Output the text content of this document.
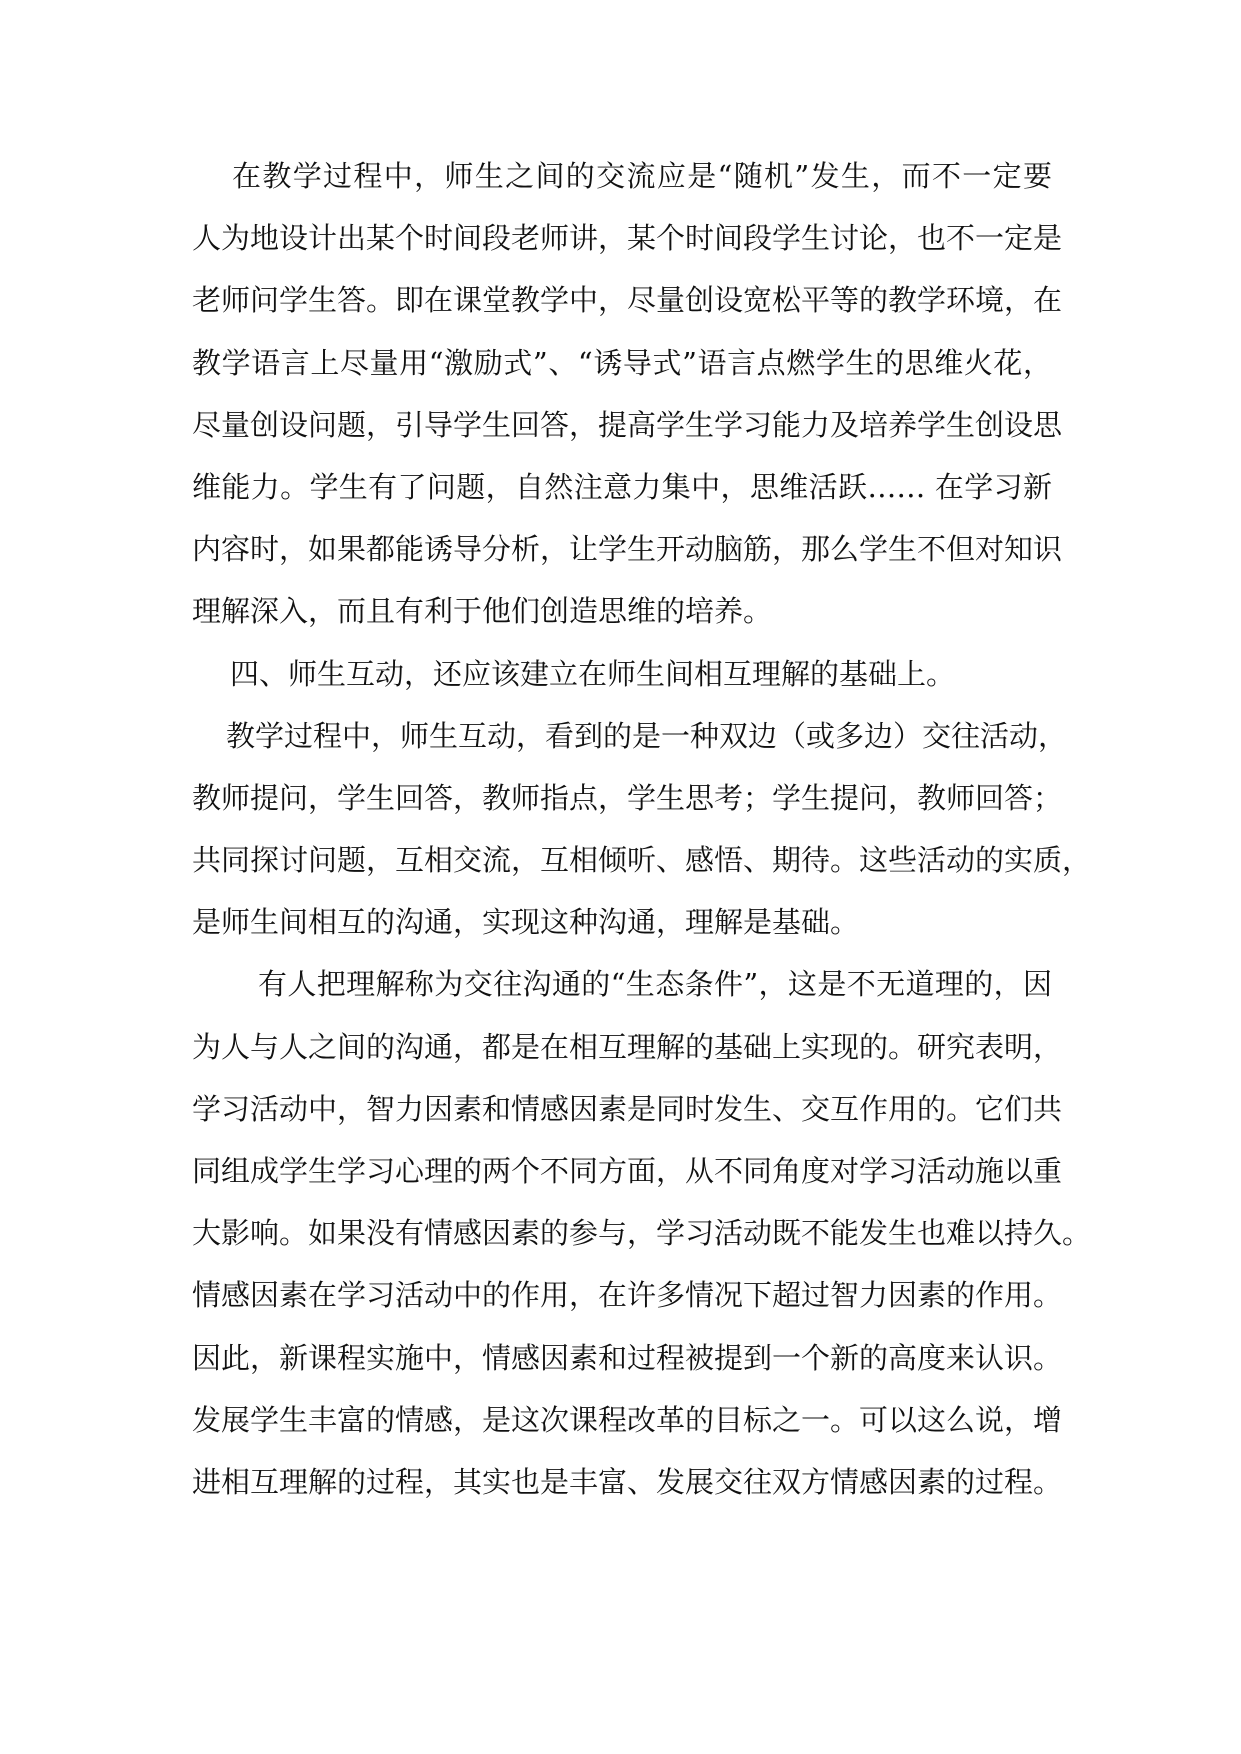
在教学过程中，师生之间的交流应是“随机”发生，而不一定要
人为地设计出某个时间段老师讲，某个时间段学生讨论，也不一定是
老师问学生答。即在课堂教学中，尽量创设宽松平等的教学环境，在
教学语言上尽量用“激励式”、“诱导式”语言点燃学生的思维火花，
尽量创设问题，引导学生回答，提高学生学习能力及培养学生创设思
维能力。学生有了问题，自然注意力集中，思维活跃…… 在学习新
内容时，如果都能诱导分析，让学生开动脑筋，那么学生不但对知识
理解深入，而且有利于他们创造思维的培养。
四、师生互动，还应该建立在师生间相互理解的基础上。
教学过程中，师生互动，看到的是一种双边（或多边）交往活动，
教师提问，学生回答，教师指点，学生思考；学生提问，教师回答；
共同探讨问题，互相交流，互相倾听、感悟、期待。这些活动的实质，
是师生间相互的沟通，实现这种沟通，理解是基础。
有人把理解称为交往沟通的“生态条件”，这是不无道理的，因
为人与人之间的沟通，都是在相互理解的基础上实现的。研究表明，
学习活动中，智力因素和情感因素是同时发生、交互作用的。它们共
同组成学生学习心理的两个不同方面，从不同角度对学习活动施以重
大影响。如果没有情感因素的参与，学习活动既不能发生也难以持久。
情感因素在学习活动中的作用，在许多情况下超过智力因素的作用。
因此，新课程实施中，情感因素和过程被提到一个新的高度来认识。
发展学生丰富的情感，是这次课程改革的目标之一。可以这么说，增
进相互理解的过程，其实也是丰富、发展交往双方情感因素的过程。
